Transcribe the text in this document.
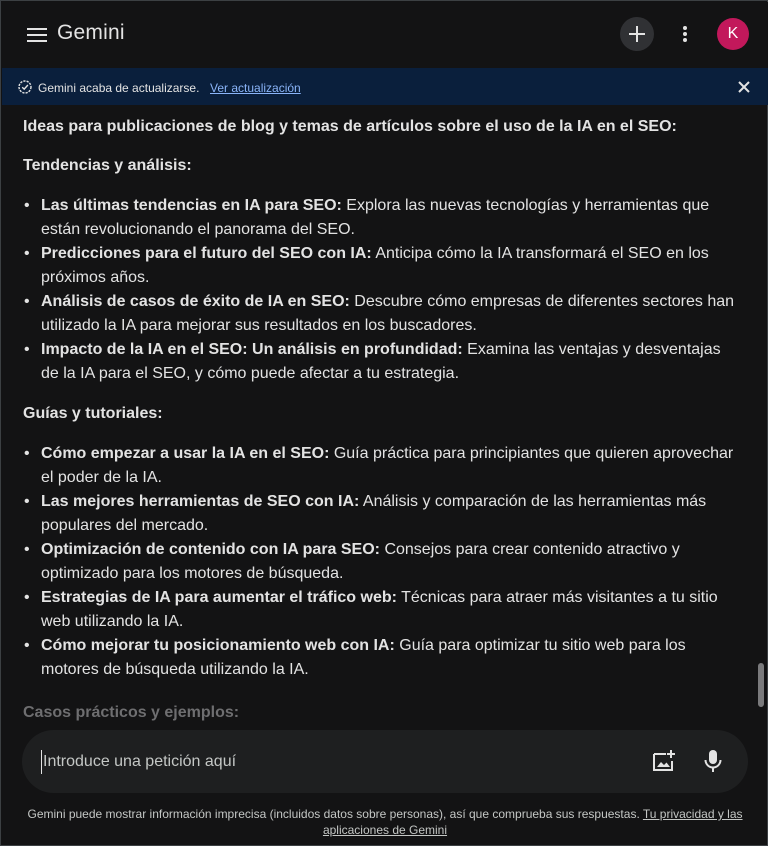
Gemini	K
Gemini acaba de actualizarse. Ver actualización
Ideas para publicaciones de blog y temas de artículos sobre el uso de la IA en el SEO:
Tendencias y análisis:
• Las últimas tendencias en IA para SEO: Explora las nuevas tecnologías y herramientas que están revolucionando el panorama del SEO.
• Predicciones para el futuro del SEO con IA: Anticipa cómo la IA transformará el SEO en los próximos años.
• Análisis de casos de éxito de IA en SEO: Descubre cómo empresas de diferentes sectores han utilizado la IA para mejorar sus resultados en los buscadores.
• Impacto de la IA en el SEO: Un análisis en profundidad: Examina las ventajas y desventajas de la IA para el SEO, y cómo puede afectar a tu estrategia.
Guías y tutoriales:
• Cómo empezar a usar la IA en el SEO: Guía práctica para principiantes que quieren aprovechar el poder de la IA.
• Las mejores herramientas de SEO con IA: Análisis y comparación de las herramientas más populares del mercado.
• Optimización de contenido con IA para SEO: Consejos para crear contenido atractivo y optimizado para los motores de búsqueda.
• Estrategias de IA para aumentar el tráfico web: Técnicas para atraer más visitantes a tu sitio web utilizando la IA.
• Cómo mejorar tu posicionamiento web con IA: Guía para optimizar tu sitio web para los motores de búsqueda utilizando la IA.
Casos prácticos y ejemplos:
Introduce una petición aquí
Gemini puede mostrar información imprecisa (incluidos datos sobre personas), así que comprueba sus respuestas. Tu privacidad y las aplicaciones de Gemini
